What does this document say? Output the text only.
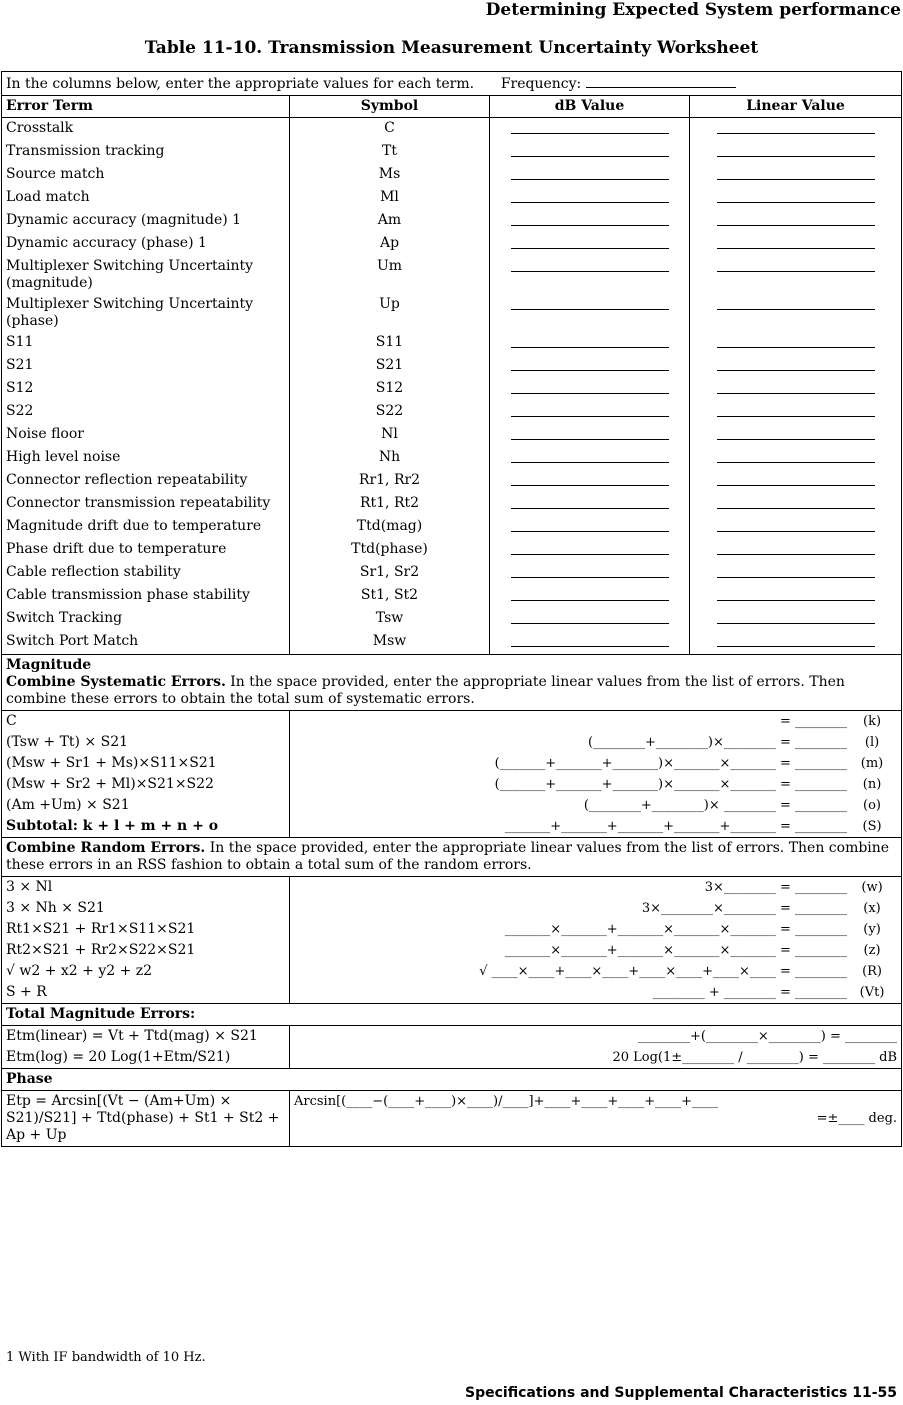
Determining Expected System performance
Table 11-10. Transmission Measurement Uncertainty Worksheet
In the columns below, enter the appropriate values for each term. Frequency:			
Error Term	Symbol	dB Value	Linear Value
Crosstalk	C		
Transmission tracking	Tt		
Source match	Ms		
Load match	Ml		
Dynamic accuracy (magnitude) 1	Am		
Dynamic accuracy (phase) 1	Ap		
Multiplexer Switching Uncertainty (magnitude)	Um		
Multiplexer Switching Uncertainty (phase)	Up		
S11	S11		
S21	S21		
S12	S12		
S22	S22		
Noise floor	Nl		
High level noise	Nh		
Connector reflection repeatability	Rr1, Rr2		
Connector transmission repeatability	Rt1, Rt2		
Magnitude drift due to temperature	Ttd(mag)		
Phase drift due to temperature	Ttd(phase)		
Cable reflection stability	Sr1, Sr2		
Cable transmission phase stability	St1, St2		
Switch Tracking	Tsw		
Switch Port Match	Msw		

Magnitude
Combine Systematic Errors. In the space provided, enter the appropriate linear values from the list of errors. Then combine these errors to obtain the total sum of systematic errors.			

C	= ________ (k)		
(Tsw + Tt) × S21	(________+________)×________ = ________ (l)		
(Msw + Sr1 + Ms)×S11×S21	(_______+_______+_______)×_______×_______ = ________ (m)		
(Msw + Sr2 + Ml)×S21×S22	(_______+_______+_______)×_______×_______ = ________ (n)		
(Am +Um) × S21	(________+________)× ________ = ________ (o)		
Subtotal: k + l + m + n + o	_______+_______+_______+_______+_______ = ________ (S)		
Combine Random Errors. In the space provided, enter the appropriate linear values from the list of errors. Then combine these errors in an RSS fashion to obtain a total sum of the random errors.			
3 × Nl	3×________ = ________ (w)		
3 × Nh × S21	3×________×________ = ________ (x)		
Rt1×S21 + Rr1×S11×S21	_______×_______+_______×_______×_______ = ________ (y)		
Rt2×S21 + Rr2×S22×S21	_______×_______+_______×_______×_______ = ________ (z)		
√ w2 + x2 + y2 + z2	√ ____×____+____×____+____×____+____×____ = ________ (R)		
S + R	________ + ________ = ________ (Vt)		
Total Magnitude Errors:			
Etm(linear) = Vt + Ttd(mag) × S21	________+(________×________) = ________		
Etm(log) = 20 Log(1+Etm/S21)	20 Log(1±________ / ________) = ________ dB		
Phase			
Etp = Arcsin[(Vt − (Am+Um) × S21)/S21] + Ttd(phase) + St1 + St2 + Ap + Up	Arcsin[(____−(____+____)×____)/____]+____+____+____+____+____
=±____ deg.		

1 With IF bandwidth of 10 Hz.
Specifications and Supplemental Characteristics 11-55
